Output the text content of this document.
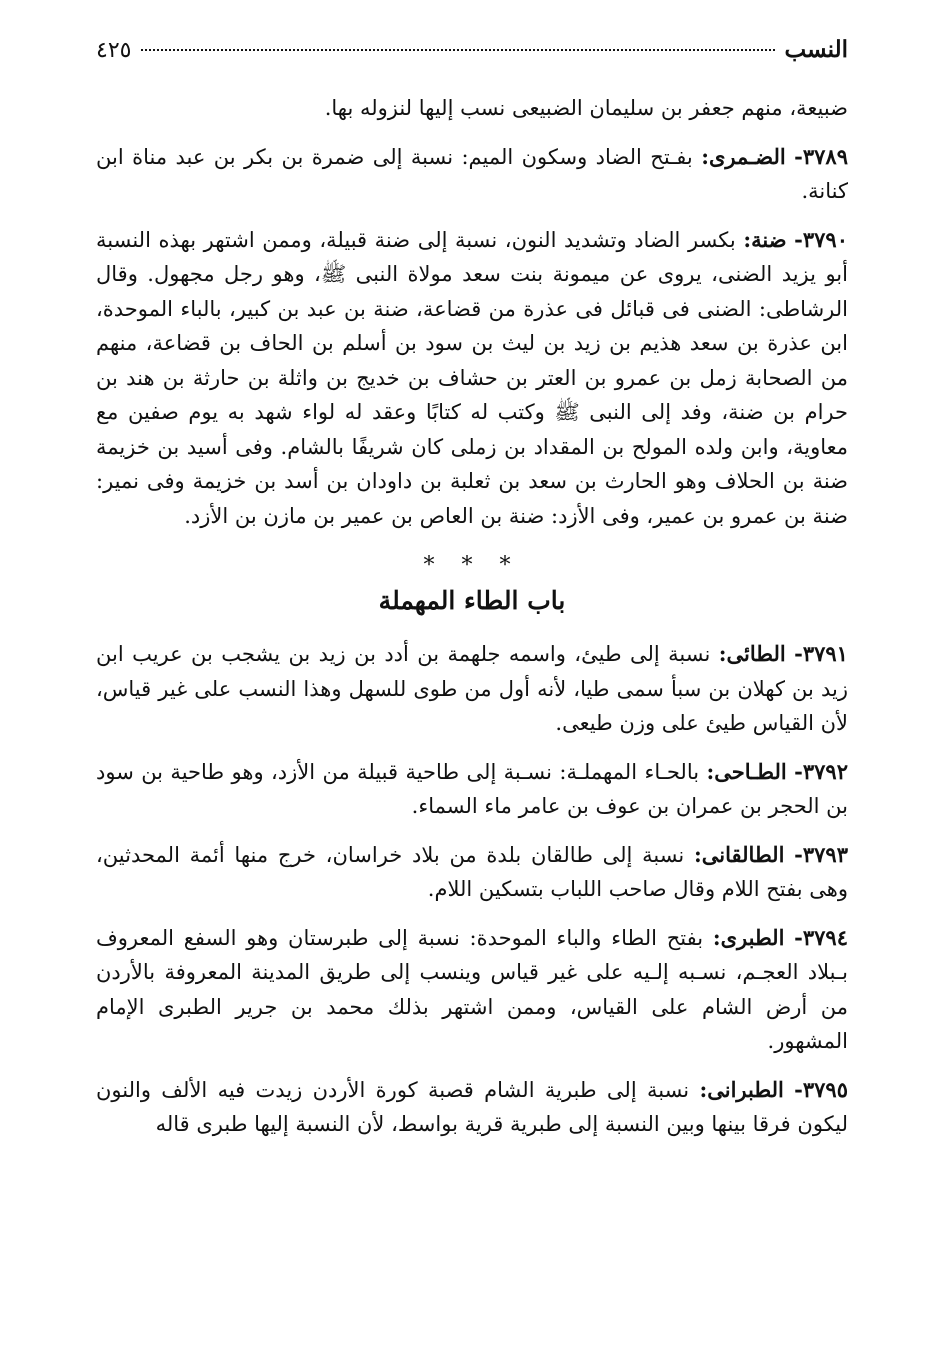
النسب
٤٢٥

ضبيعة، منهم جعفر بن سليمان الضبيعى نسب إليها لنزوله بها.

٣٧٨٩- الضـمرى: بفـتح الضاد وسكون الميم: نسبة إلى ضمرة بن بكر بن عبد مناة ابن كنانة.

٣٧٩٠- ضنة: بكسر الضاد وتشديد النون، نسبة إلى ضنة قبيلة، وممن اشتهر بهذه النسبة أبو يزيد الضنى، يروى عن ميمونة بنت سعد مولاة النبى ﷺ، وهو رجل مجهول. وقال الرشاطى: الضنى فى قبائل فى عذرة من قضاعة، ضنة بن عبد بن كبير، بالباء الموحدة، ابن عذرة بن سعد هذيم بن زيد بن ليث بن سود بن أسلم بن الحاف بن قضاعة، منهم من الصحابة زمل بن عمرو بن العتر بن حشاف بن خديج بن واثلة بن حارثة بن هند بن حرام بن ضنة، وفد إلى النبى ﷺ وكتب له كتابًا وعقد له لواء شهد به يوم صفين مع معاوية، وابن ولده المولح بن المقداد بن زملى كان شريفًا بالشام. وفى أسيد بن خزيمة ضنة بن الحلاف وهو الحارث بن سعد بن ثعلبة بن داودان بن أسد بن خزيمة وفى نمير: ضنة بن عمرو بن عمير، وفى الأزد: ضنة بن العاص بن عمير بن مازن بن الأزد.

* * *
باب الطاء المهملة

٣٧٩١- الطائى: نسبة إلى طيئ، واسمه جلهمة بن أدد بن زيد بن يشجب بن عريب ابن زيد بن كهلان بن سبأ سمى طيا، لأنه أول من طوى للسهل وهذا النسب على غير قياس، لأن القياس طيئ على وزن طيعى.

٣٧٩٢- الطـاحى: بالحـاء المهملـة: نسـبة إلى طاحية قبيلة من الأزد، وهو طاحية بن سود بن الحجر بن عمران بن عوف بن عامر ماء السماء.

٣٧٩٣- الطالقانى: نسبة إلى طالقان بلدة من بلاد خراسان، خرج منها أئمة المحدثين، وهى بفتح اللام وقال صاحب اللباب بتسكين اللام.

٣٧٩٤- الطبرى: بفتح الطاء والباء الموحدة: نسبة إلى طبرستان وهو السفع المعروف بـبلاد العجـم، نسـبه إلـيه على غير قياس وينسب إلى طريق المدينة المعروفة بالأردن من أرض الشام على القياس، وممن اشتهر بذلك محمد بن جرير الطبرى الإمام المشهور.

٣٧٩٥- الطبرانى: نسبة إلى طبرية الشام قصبة كورة الأردن زيدت فيه الألف والنون ليكون فرقا بينها وبين النسبة إلى طبرية قرية بواسط، لأن النسبة إليها طبرى قاله
